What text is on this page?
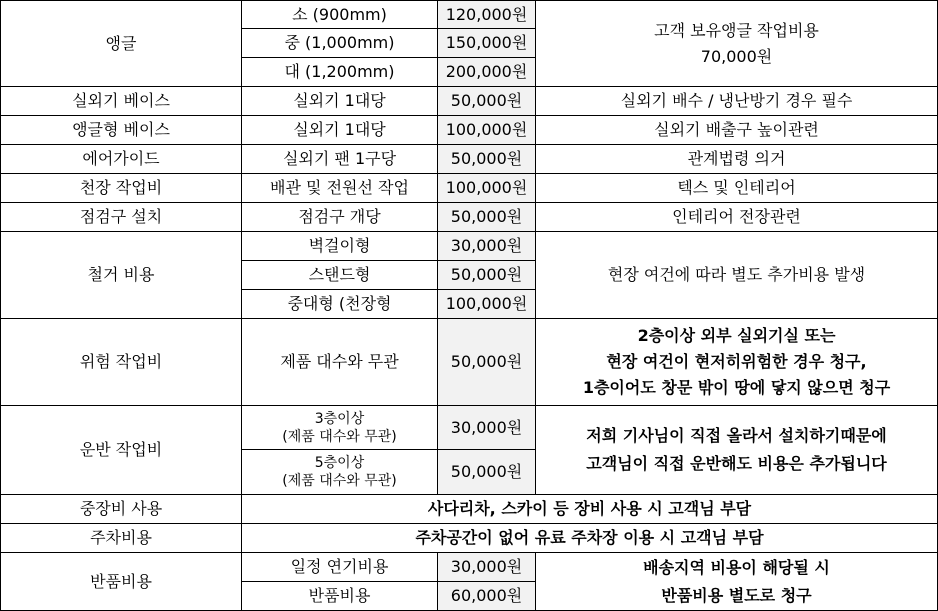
앵글	소 (900mm)	120,000원	고객 보유앵글 작업비용
70,000원

	중 (1,000mm)	150,000원	
	대 (1,200mm)	200,000원	
실외기 베이스	실외기 1대당	50,000원	실외기 배수 / 냉난방기 경우 필수
앵글형 베이스	실외기 1대당	100,000원	실외기 배출구 높이관련
에어가이드	실외기 팬 1구당	50,000원	관계법령 의거
천장 작업비	배관 및 전원선 작업	100,000원	텍스 및 인테리어
점검구 설치	점검구 개당	50,000원	인테리어 전장관련
철거 비용	벽걸이형	30,000원	현장 여건에 따라 별도 추가비용 발생
	스탠드형	50,000원	
	중대형 (천장형	100,000원	
위험 작업비	제품 대수와 무관	50,000원	2층이상 외부 실외기실 또는
현장 여건이 현저히위험한 경우 청구,
1층이어도 창문 밖이 땅에 닿지 않으면 청구

운반 작업비	3층이상
(제품 대수와 무관)	30,000원	저희 기사님이 직접 올라서 설치하기때문에
고객님이 직접 운반해도 비용은 추가됩니다

	5층이상
(제품 대수와 무관)	50,000원	
중장비 사용	사다리차, 스카이 등 장비 사용 시 고객님 부담		
주차비용	주차공간이 없어 유료 주차장 이용 시 고객님 부담		
반품비용	일정 연기비용	30,000원	배송지역 비용이 해당될 시
반품비용 별도로 청구

	반품비용	60,000원	
